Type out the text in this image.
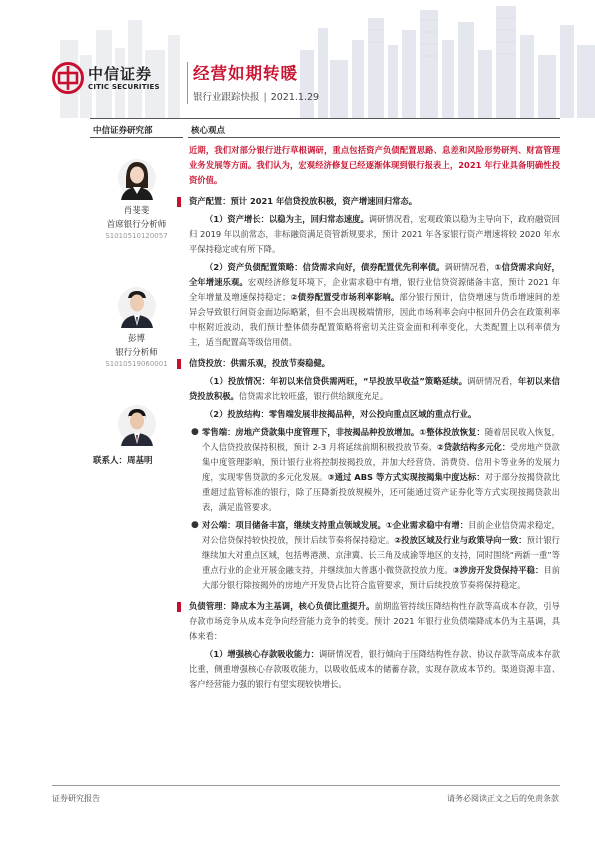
中信证券
CITIC SECURITIES
经营如期转暖
银行业跟踪快报 | 2021.1.29
中信证券研究部	核心观点
肖斐斐
首席银行分析师
S1010510120057
彭博
银行分析师
S1010519060001
联系人：周基明

近期，我们对部分银行进行草根调研，重点包括资产负债配置思路、息差和风险形势研判、财富管理业务发展等方面。我们认为，宏观经济修复已经逐渐体现到银行报表上，2021 年行业具备明确性投资价值。

资产配置：预计 2021 年信贷投放积极，资产增速回归常态。

（1）资产增长：以稳为主，回归常态速度。调研情况看，宏观政策以稳为主导向下，政府融资回归 2019 年以前常态，非标融资满足资管新规要求，预计 2021 年各家银行资产增速将较 2020 年水平保持稳定或有所下降。

（2）资产负债配置策略：信贷需求向好，债券配置优先利率债。调研情况看，①信贷需求向好，全年增速乐观。宏观经济修复环境下，企业需求稳中有增，银行业信贷资源储备丰富，预计 2021 年全年增量及增速保持稳定；②债券配置受市场利率影响。部分银行预计，信贷增速与货币增速间的差异会导致银行间资金面边际略紧，但不会出现极端情形，因此市场利率会向中枢回升仍会在政策利率中枢附近波动，我们预计整体债券配置策略将密切关注资金面和利率变化，大类配置上以利率债为主，适当配置高等级信用债。

信贷投放：供需乐观，投放节奏稳健。

（1）投放情况：年初以来信贷供需两旺，“早投放早收益”策略延续。调研情况看，年初以来信贷投放积极。信贷需求比较旺盛，银行供给额度充足。

（2）投放结构：零售端发展非按揭品种，对公投向重点区域的重点行业。

● 零售端：房地产贷款集中度管理下，非按揭品种投放增加。①整体投放恢复：随着居民收入恢复，个人信贷投放保持积极，预计 2-3 月将延续前期积极投放节奏。②贷款结构多元化：受房地产贷款集中度管理影响，预计银行业将控制按揭投放，并加大经营贷、消费贷、信用卡等业务的发展力度，实现零售贷款的多元化发展。③通过 ABS 等方式实现按揭集中度达标：对于部分按揭贷款比重超过监管标准的银行，除了压降新投放规模外，还可能通过资产证券化等方式实现按揭贷款出表，满足监管要求。

● 对公端：项目储备丰富，继续支持重点领域发展。①企业需求稳中有增：目前企业信贷需求稳定，对公信贷保持较快投放，预计后续节奏将保持稳定。②投放区域及行业与政策导向一致：预计银行继续加大对重点区域，包括粤港澳、京津冀、长三角及成渝等地区的支持，同时围绕“两新一重”等重点行业的企业开展金融支持，并继续加大普惠小微贷款投放力度。③涉房开发贷保持平稳：目前大部分银行除按揭外的房地产开发贷占比符合监管要求，预计后续投放节奏将保持稳定。

负债管理：降成本为主基调，核心负债比重提升。前期监管持续压降结构性存款等高成本存款，引导存款市场竞争从成本竞争向经营能力竞争的转变。预计 2021 年银行业负债端降成本仍为主基调，具体来看：

（1）增强核心存款吸收能力：调研情况看，银行倾向于压降结构性存款、协议存款等高成本存款比重，侧重增强核心存款吸收能力，以吸收低成本的储蓄存款，实现存款成本节约。渠道资源丰富、客户经营能力强的银行有望实现较快增长。

证券研究报告	请务必阅读正文之后的免责条款
